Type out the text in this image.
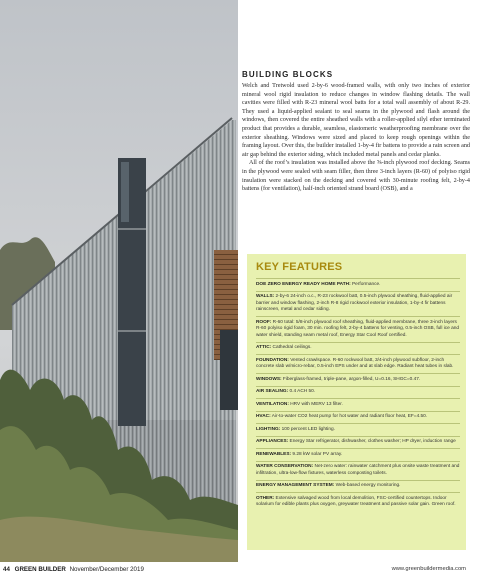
BUILDING BLOCKS

Welch and Tretwold used 2-by-6 wood-framed walls, with only two inches of exterior mineral wool rigid insulation to reduce changes in window flashing details. The wall cavities were filled with R-23 mineral wool batts for a total wall assembly of about R-29. They used a liquid-applied sealant to seal seams in the plywood and flash around the windows, then covered the entire sheathed walls with a roller-applied silyl ether terminated product that provides a durable, seamless, elastomeric weatherproofing membrane over the exterior sheathing. Windows were sized and placed to keep rough openings within the framing layout. Over this, the builder installed 1-by-4 fir battens to provide a rain screen and air gap behind the exterior siding, which included metal panels and cedar planks.

All of the roof’s insulation was installed above the ⅝-inch plywood roof decking. Seams in the plywood were sealed with seam filler, then three 3-inch layers (R-60) of polyiso rigid insulation were stacked on the decking and covered with 30-minute roofing felt, 2-by-4 battens (for ventilation), half-inch oriented strand board (OSB), and a

KEY FEATURES
DOE ZERO ENERGY READY HOME PATH: Performance.
WALLS: 2-by-6 24-inch o.c., R-23 rockwool batt, 0.5-inch plywood sheathing, fluid-applied air barrier and window flashing, 2-inch R-8 rigid rockwool exterior insulation, 1-by-4 fir battens rainscreen, metal and cedar siding.
ROOF: R-60 total: 5/8-inch plywood roof sheathing, fluid-applied membrane, three 3-inch layers R-60 polyiso rigid foam, 30 min. roofing felt, 2-by-4 battens for venting, 0.5-inch OSB, full ice and water shield, standing seam metal roof, Energy Star Cool Roof certified.
ATTIC: Cathedral ceilings.
FOUNDATION: Vented crawlspace. R-60 rockwool batt, 3/4-inch plywood subfloor, 2-inch concrete slab w/micro-rebar, 0.5-inch EPS under and at slab edge. Radiant heat tubes in slab.
WINDOWS: Fiberglass-framed, triple-pane, argon-filled, U=0.16, SHGC=0.47.
AIR SEALING: 0.4 ACH 50.
VENTILATION: HRV with MERV 13 filter.
HVAC: Air-to-water CO2 heat pump for hot water and radiant floor heat, EF=4.50.
LIGHTING: 100 percent LED lighting.
APPLIANCES: Energy Star refrigerator, dishwasher, clothes washer; HP dryer, induction range
RENEWABLES: 9.28 kW solar PV array.
WATER CONSERVATION: Net-zero water: rainwater catchment plus onsite waste treatment and infiltration, ultra-low-flow fixtures, waterless composting toilets.
ENERGY MANAGEMENT SYSTEM: Web-based energy monitoring.
OTHER: Extensive salvaged wood from local demolition, FSC-certified countertops. Indoor solarium for edible plants plus oxygen, greywater treatment and passive solar gain. Green roof.
44 GREEN BUILDER November/December 2019	www.greenbuildermedia.com
